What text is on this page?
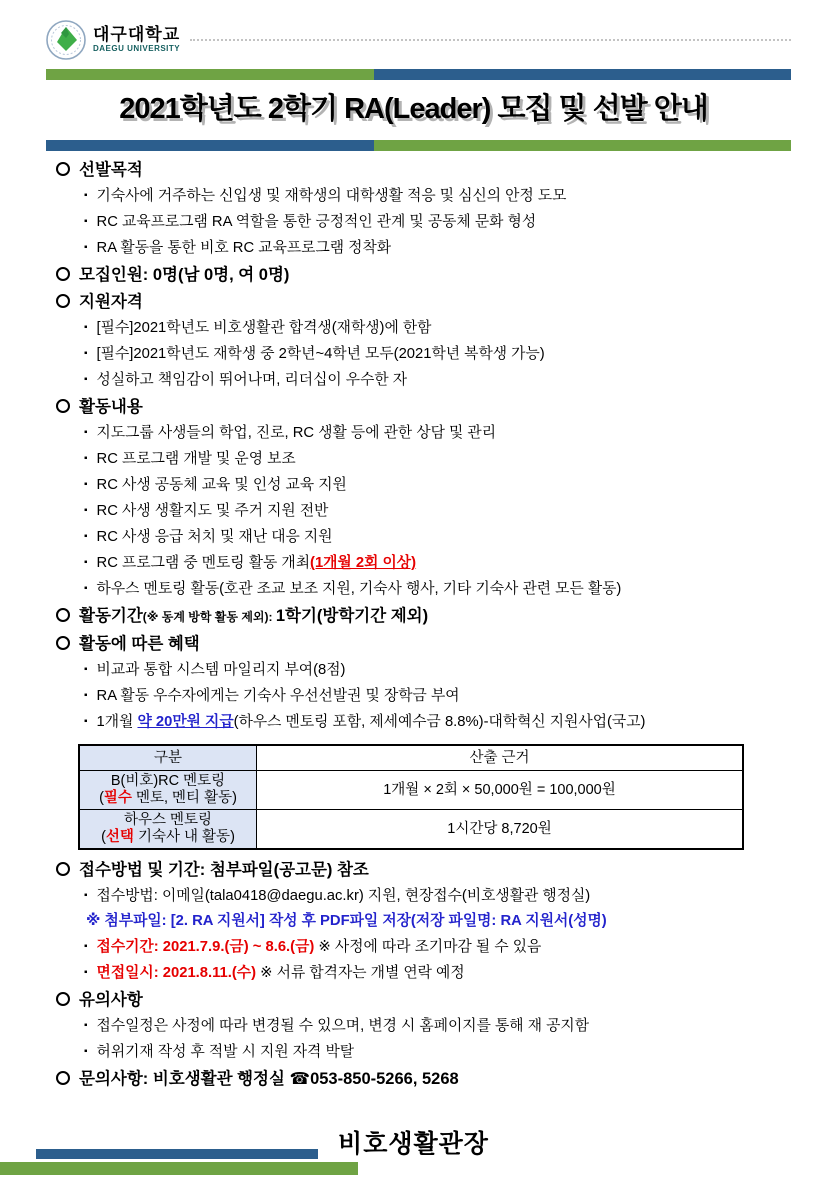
대구대학교
DAEGU UNIVERSITY
2021학년도 2학기 RA(Leader) 모집 및 선발 안내
선발목적
▪ 기숙사에 거주하는 신입생 및 재학생의 대학생활 적응 및 심신의 안정 도모
▪ RC 교육프로그램 RA 역할을 통한 긍정적인 관계 및 공동체 문화 형성
▪ RA 활동을 통한 비호 RC 교육프로그램 정착화
모집인원: 0명(남 0명, 여 0명)
지원자격
▪ [필수]2021학년도 비호생활관 합격생(재학생)에 한함
▪ [필수]2021학년도 재학생 중 2학년~4학년 모두(2021학년 복학생 가능)
▪ 성실하고 책임감이 뛰어나며, 리더십이 우수한 자
활동내용
▪ 지도그룹 사생들의 학업, 진로, RC 생활 등에 관한 상담 및 관리
▪ RC 프로그램 개발 및 운영 보조
▪ RC 사생 공동체 교육 및 인성 교육 지원
▪ RC 사생 생활지도 및 주거 지원 전반
▪ RC 사생 응급 처치 및 재난 대응 지원
▪ RC 프로그램 중 멘토링 활동 개최(1개월 2회 이상)
▪ 하우스 멘토링 활동(호관 조교 보조 지원, 기숙사 행사, 기타 기숙사 관련 모든 활동)
활동기간(※ 동계 방학 활동 제외): 1학기(방학기간 제외)
활동에 따른 혜택
▪ 비교과 통합 시스템 마일리지 부여(8점)
▪ RA 활동 우수자에게는 기숙사 우선선발권 및 장학금 부여
▪ 1개월 약 20만원 지급(하우스 멘토링 포함, 제세예수금 8.8%)-대학혁신 지원사업(국고)
구분	산출 근거

B(비호)RC 멘토링
(필수 멘토, 멘티 활동)	1개월 × 2회 × 50,000원 = 100,000원

하우스 멘토링
(선택 기숙사 내 활동)	1시간당 8,720원
접수방법 및 기간: 첨부파일(공고문) 참조
▪ 접수방법: 이메일(tala0418@daegu.ac.kr) 지원, 현장접수(비호생활관 행정실)
※ 첨부파일: [2. RA 지원서] 작성 후 PDF파일 저장(저장 파일명: RA 지원서(성명)
▪ 접수기간: 2021.7.9.(금) ~ 8.6.(금) ※ 사정에 따라 조기마감 될 수 있음
▪ 면접일시: 2021.8.11.(수) ※ 서류 합격자는 개별 연락 예정
유의사항
▪ 접수일정은 사정에 따라 변경될 수 있으며, 변경 시 홈페이지를 통해 재 공지함
▪ 허위기재 작성 후 적발 시 지원 자격 박탈
문의사항: 비호생활관 행정실 ☎053-850-5266, 5268
비호생활관장
